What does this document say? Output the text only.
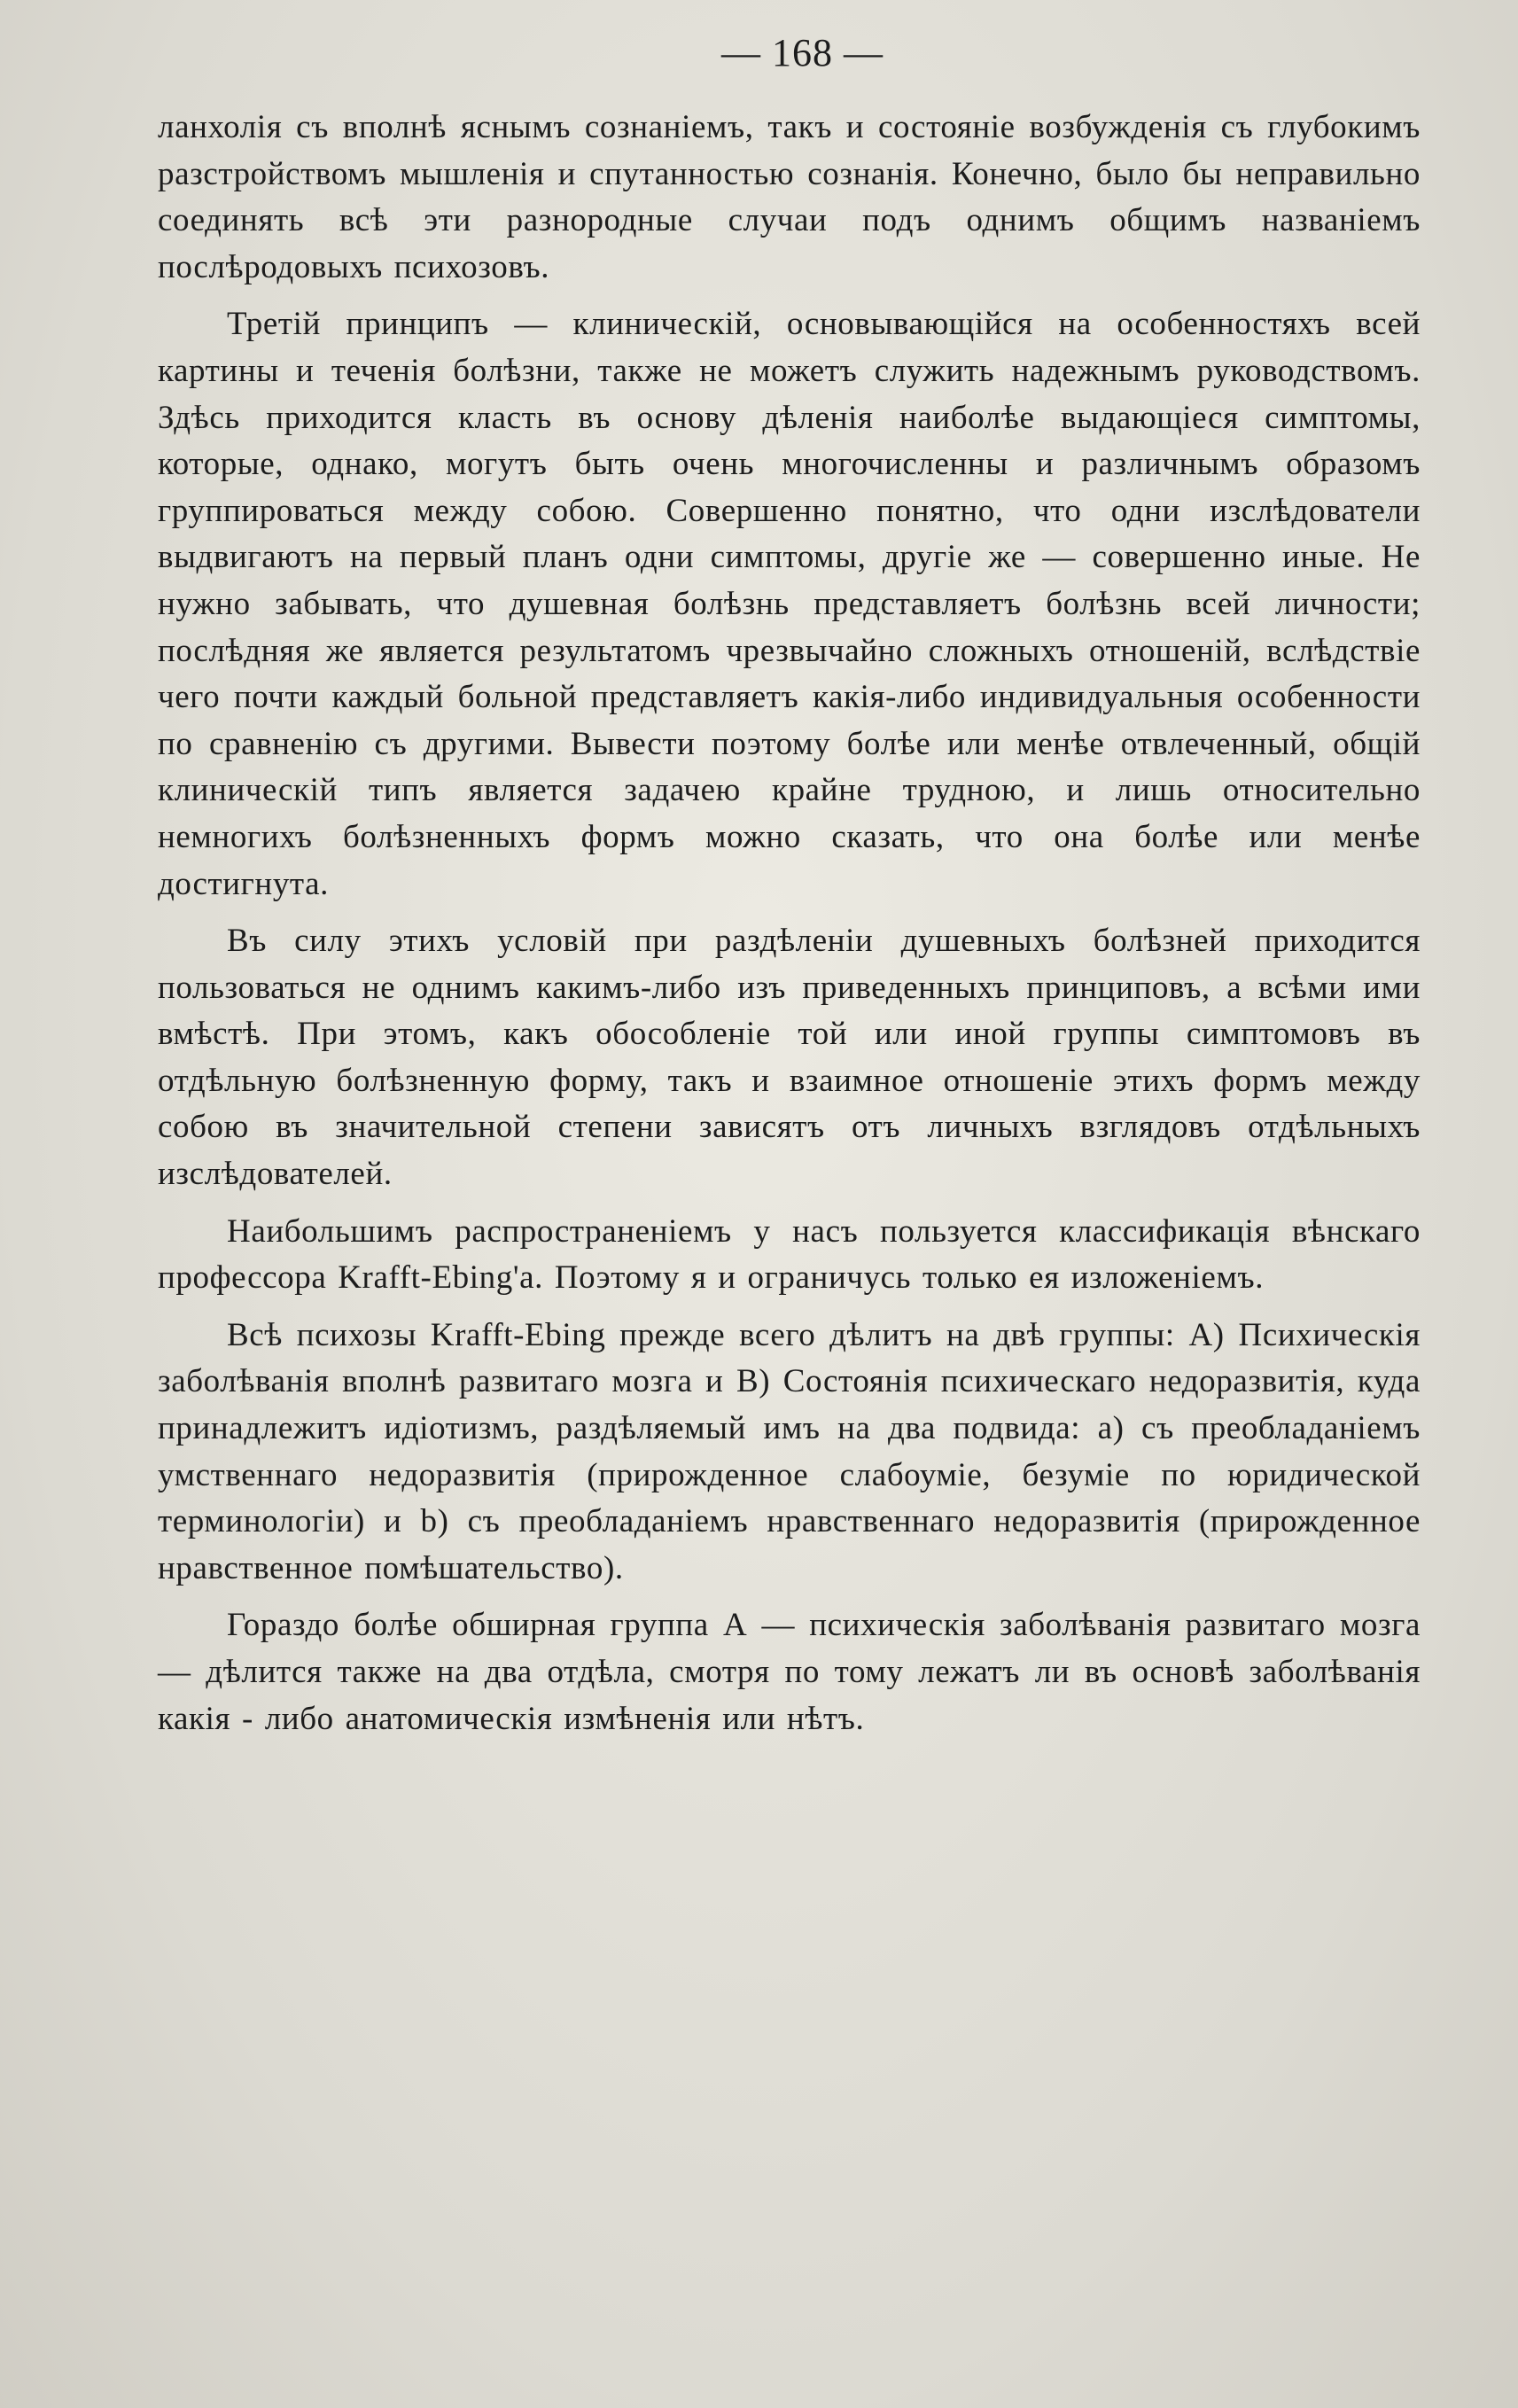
— 168 —

ланхолія съ вполнѣ яснымъ сознаніемъ, такъ и состояніе возбужденія съ глубокимъ разстройствомъ мышленія и спутанностью сознанія. Конечно, было бы неправильно соединять всѣ эти разнородные случаи подъ однимъ общимъ названіемъ послѣродовыхъ психозовъ.

Третій принципъ — клиническій, основывающійся на особенностяхъ всей картины и теченія болѣзни, также не можетъ служить надежнымъ руководствомъ. Здѣсь приходится класть въ основу дѣленія наиболѣе выдающіеся симптомы, которые, однако, могутъ быть очень многочисленны и различнымъ образомъ группироваться между собою. Совершенно понятно, что одни изслѣдователи выдвигаютъ на первый планъ одни симптомы, другіе же — совершенно иные. Не нужно забывать, что душевная болѣзнь представляетъ болѣзнь всей личности; послѣдняя же является результатомъ чрезвычайно сложныхъ отношеній, вслѣдствіе чего почти каждый больной представляетъ какія-либо индивидуальныя особенности по сравненію съ другими. Вывести поэтому болѣе или менѣе отвлеченный, общій клиническій типъ является задачею крайне трудною, и лишь относительно немногихъ болѣзненныхъ формъ можно сказать, что она болѣе или менѣе достигнута.

Въ силу этихъ условій при раздѣленіи душевныхъ болѣзней приходится пользоваться не однимъ какимъ-либо изъ приведенныхъ принциповъ, а всѣми ими вмѣстѣ. При этомъ, какъ обособленіе той или иной группы симптомовъ въ отдѣльную болѣзненную форму, такъ и взаимное отношеніе этихъ формъ между собою въ значительной степени зависятъ отъ личныхъ взглядовъ отдѣльныхъ изслѣдователей.

Наибольшимъ распространеніемъ у насъ пользуется классификація вѣнскаго профессора Krafft-Ebing'а. Поэтому я и ограничусь только ея изложеніемъ.

Всѣ психозы Krafft-Ebing прежде всего дѣлитъ на двѣ группы: А) Психическія заболѣванія вполнѣ развитаго мозга и В) Состоянія психическаго недоразвитія, куда принадлежитъ идіотизмъ, раздѣляемый имъ на два подвида: а) съ преобладаніемъ умственнаго недоразвитія (прирожденное слабоуміе, безуміе по юридической терминологіи) и b) съ преобладаніемъ нравственнаго недоразвитія (прирожденное нравственное помѣшательство).

Гораздо болѣе обширная группа А — психическія заболѣванія развитаго мозга — дѣлится также на два отдѣла, смотря по тому лежатъ ли въ основѣ заболѣванія какія - либо анатомическія измѣненія или нѣтъ.
